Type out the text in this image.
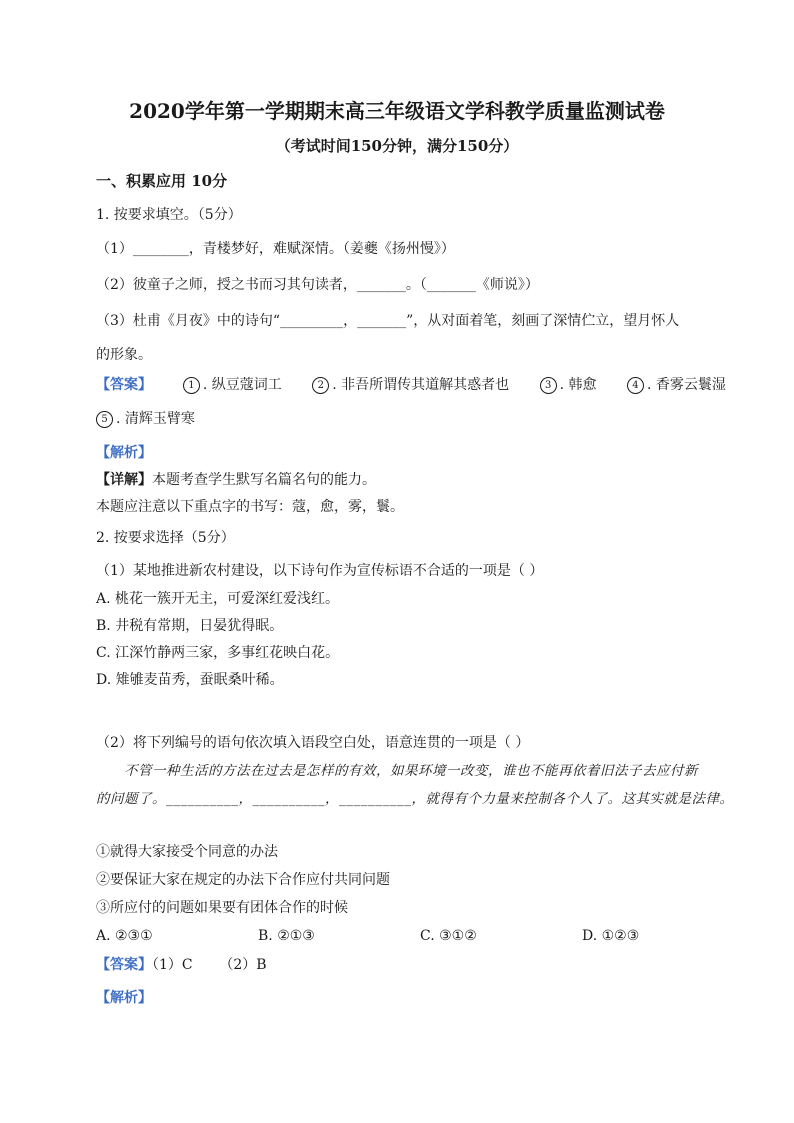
2020学年第一学期期末高三年级语文学科教学质量监测试卷
（考试时间150分钟，满分150分）
一、积累应用 10分
1. 按要求填空。（5分）
（1）________，青楼梦好，难赋深情。（姜夔《扬州慢》）
（2）彼童子之师，授之书而习其句读者，_______。（_______《师说》）
（3）杜甫《月夜》中的诗句“_________，_______”，从对面着笔，刻画了深情伫立，望月怀人
的形象。
【答案】	1 . 纵豆蔻词工	2 . 非吾所谓传其道解其惑者也	3 . 韩愈	4 . 香雾云鬟湿
5 . 清辉玉臂寒
【解析】
【详解】本题考查学生默写名篇名句的能力。
本题应注意以下重点字的书写：蔻，愈，雾，鬟。
2. 按要求选择（5分）
（1）某地推进新农村建设，以下诗句作为宣传标语不合适的一项是（ ）
A. 桃花一簇开无主，可爱深红爱浅红。
B. 井税有常期，日晏犹得眠。
C. 江深竹静两三家，多事红花映白花。
D. 雉雊麦苗秀，蚕眠桑叶稀。
（2）将下列编号的语句依次填入语段空白处，语意连贯的一项是（ ）
不管一种生活的方法在过去是怎样的有效，如果环境一改变，谁也不能再依着旧法子去应付新
的问题了。__________，__________，__________，就得有个力量来控制各个人了。这其实就是法律。
①就得大家接受个同意的办法
②要保证大家在规定的办法下合作应付共同问题
③所应付的问题如果要有团体合作的时候
A. ②③①	B. ②①③	C. ③①②	D. ①②③
【答案】（1）C      （2）B
【解析】
